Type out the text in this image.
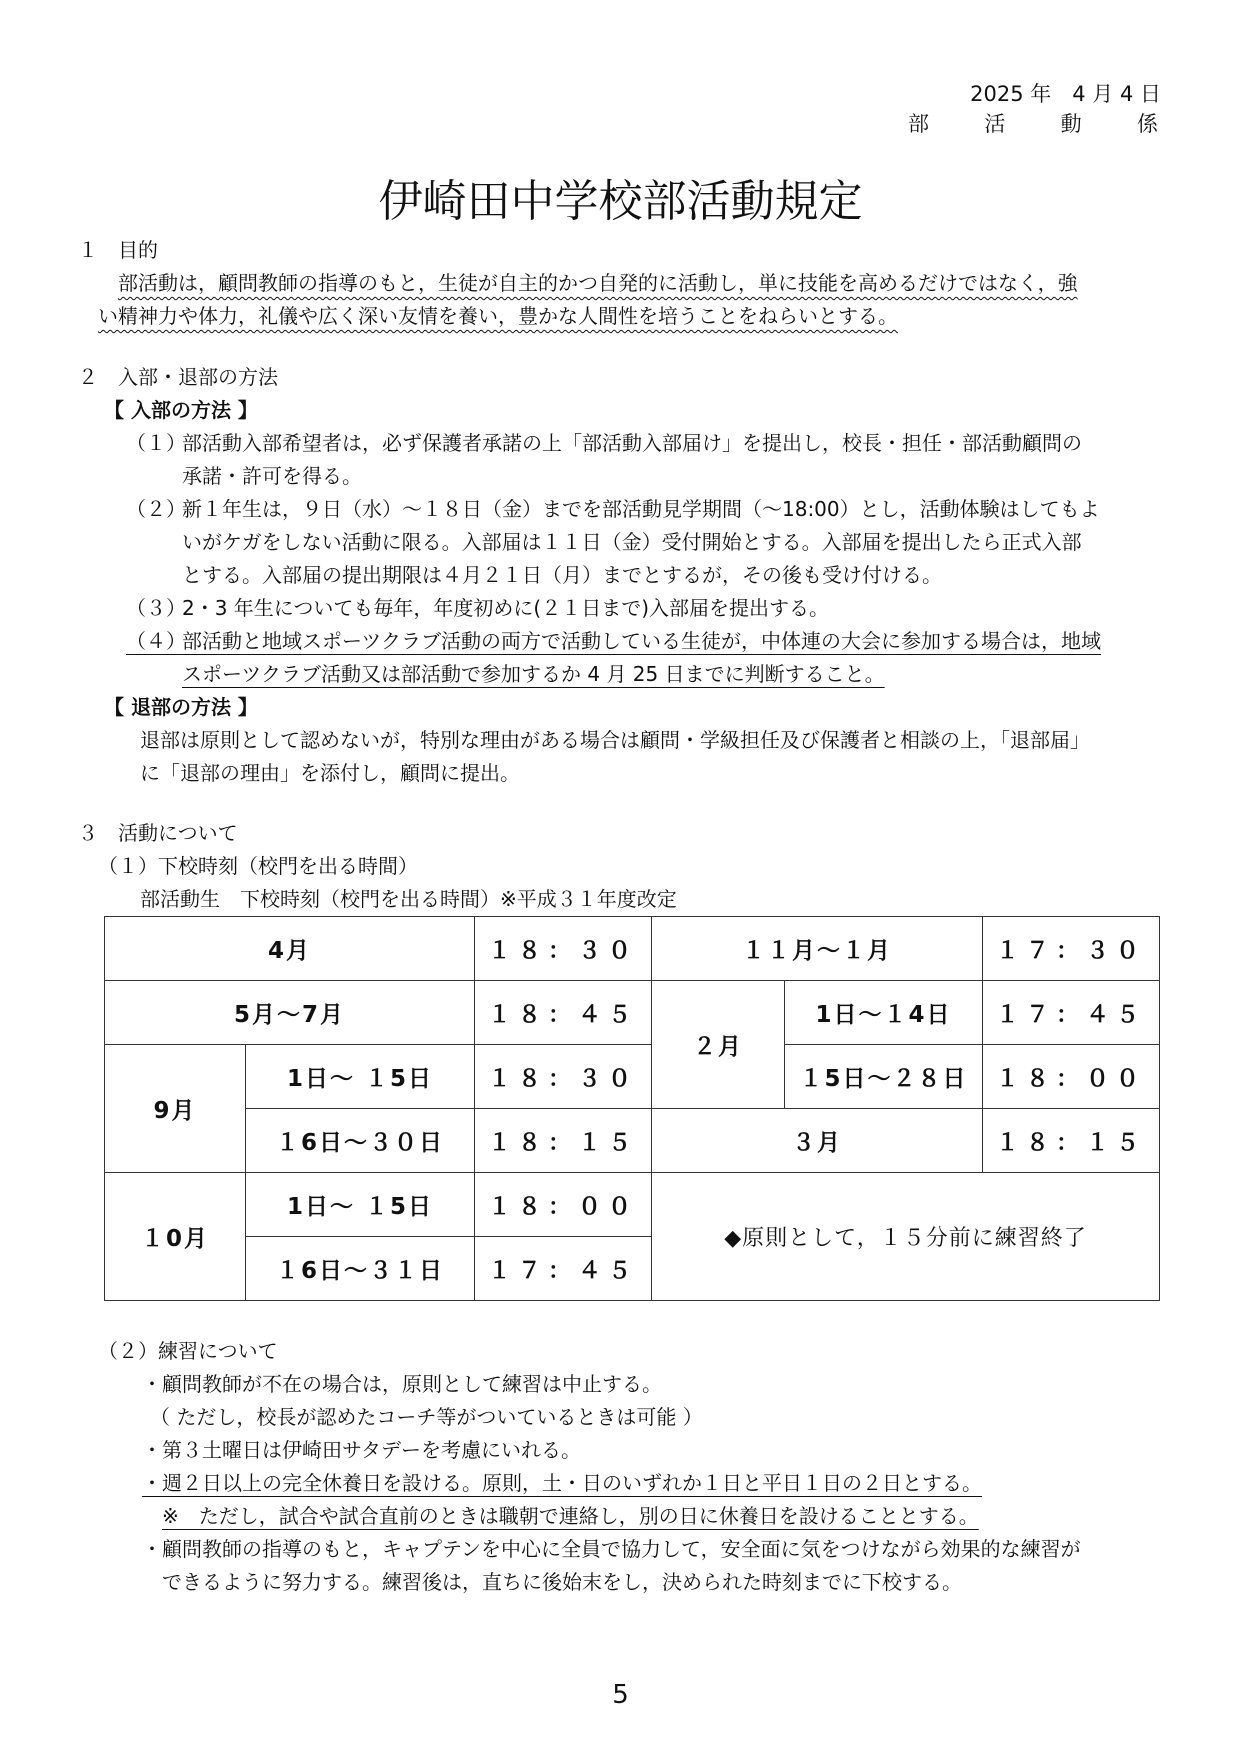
2025 年　4 月 4 日
部	活	動	係
伊崎田中学校部活動規定
１　目的
部活動は，顧問教師の指導のもと，生徒が自主的かつ自発的に活動し，単に技能を高めるだけではなく，強
い精神力や体力，礼儀や広く深い友情を養い，豊かな人間性を培うことをねらいとする。
２　入部・退部の方法
【 入部の方法 】
（１）
部活動入部希望者は，必ず保護者承諾の上「部活動入部届け」を提出し，校長・担任・部活動顧問の
承諾・許可を得る。
（２）
新１年生は，９日（水）～１８日（金）までを部活動見学期間（～18:00）とし，活動体験はしてもよ
いがケガをしない活動に限る。入部届は１１日（金）受付開始とする。入部届を提出したら正式入部
とする。入部届の提出期限は４月２１日（月）までとするが，その後も受け付ける。
（３）
2・3 年生についても毎年，年度初めに(２１日まで)入部届を提出する。
（４）
部活動と地域スポーツクラブ活動の両方で活動している生徒が，中体連の大会に参加する場合は，地域
スポーツクラブ活動又は部活動で参加するか 4 月 25 日までに判断すること。
【 退部の方法 】
退部は原則として認めないが，特別な理由がある場合は顧問・学級担任及び保護者と相談の上，「退部届」
に「退部の理由」を添付し，顧問に提出。
３　活動について
（１）下校時刻（校門を出る時間）
部活動生　下校時刻（校門を出る時間）※平成３１年度改定
4月		１８：３０	１１月～１月		１７：３０
5月～7月		１８：４５	２月	1日～１4日	１７：４５
9月	1日～ １5日	１８：３０		１5日～２８日	１８：００
	１6日～３０日	１８：１５	３月		１８：１５
１0月	1日～ １5日	１８：００	◆原則として，１５分前に練習終了		
	１6日～３１日	１７：４５			
（２）練習について
・顧問教師が不在の場合は，原則として練習は中止する。
（ ただし，校長が認めたコーチ等がついているときは可能 ）
・第３土曜日は伊崎田サタデーを考慮にいれる。
・週２日以上の完全休養日を設ける。原則，土・日のいずれか１日と平日１日の２日とする。
※　ただし，試合や試合直前のときは職朝で連絡し，別の日に休養日を設けることとする。
・顧問教師の指導のもと，キャプテンを中心に全員で協力して，安全面に気をつけながら効果的な練習が
できるように努力する。練習後は，直ちに後始末をし，決められた時刻までに下校する。
5
